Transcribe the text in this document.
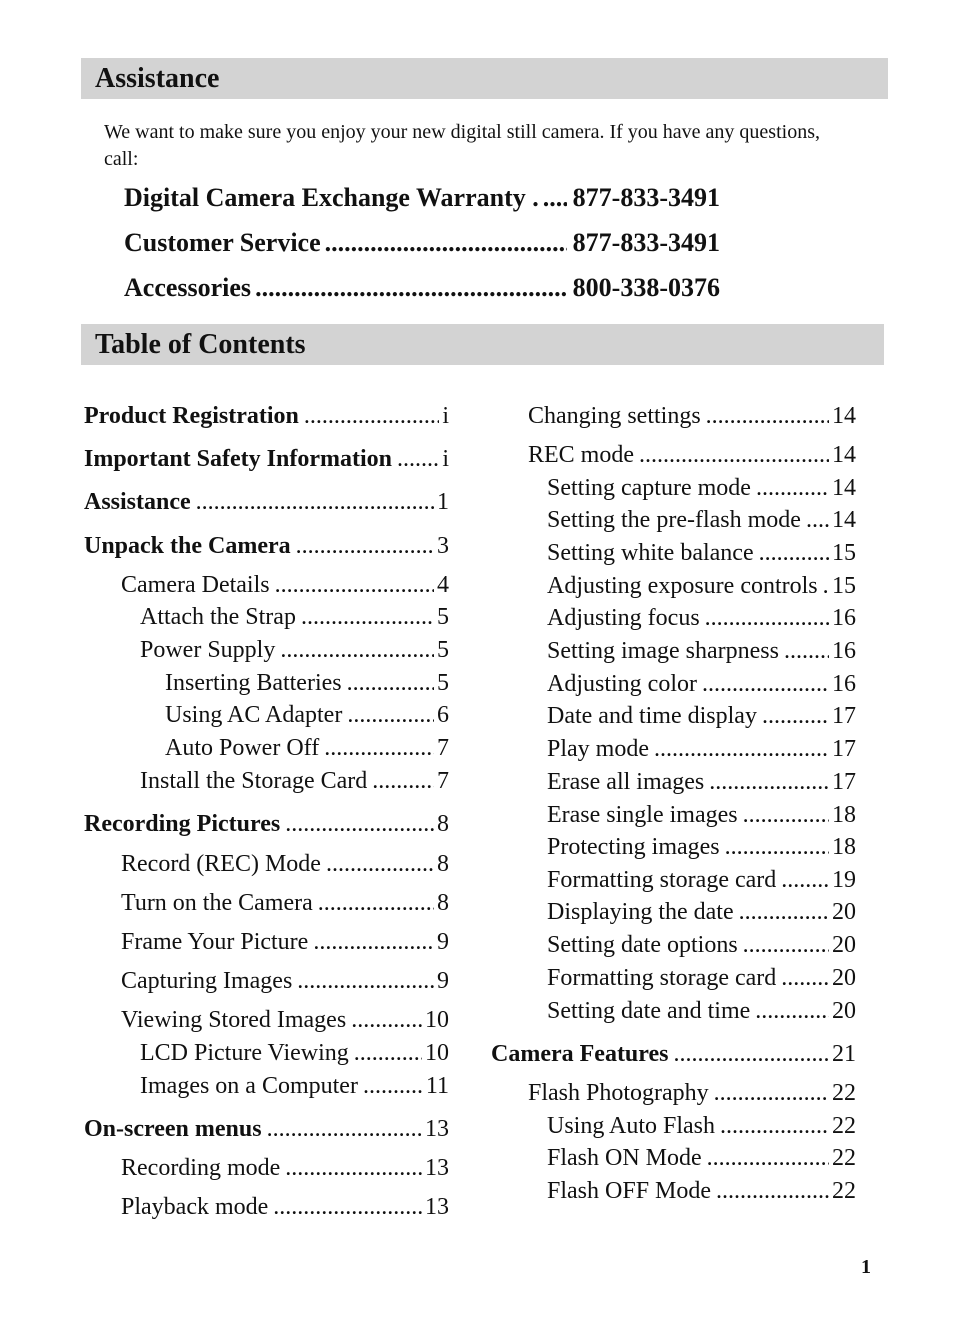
Assistance
We want to make sure you enjoy your new digital still camera. If you have any questions, call:
Digital Camera Exchange Warranty . ..... 877-833-3491
Customer Service .....	877-833-3491
Accessories .....	800-338-0376
Table of Contents
Product Registration .....	i
Important Safety Information ..... i
Assistance .....	1
Unpack the Camera .....	3
Camera Details .....	4
Attach the Strap .....	5
Power Supply .....	5
Inserting Batteries .....	5
Using AC Adapter .....	6
Auto Power Off .....	7
Install the Storage Card .....	7
Recording Pictures .....	8
Record (REC) Mode .....	8
Turn on the Camera .....	8
Frame Your Picture .....	9
Capturing Images .....	9
Viewing Stored Images .....	10
LCD Picture Viewing .....	10
Images on a Computer .....	11
On-screen menus .....	13
Recording mode .....	13
Playback mode .....	13
Changing settings .....	14
REC mode .....	14
Setting capture mode .....	14
Setting the pre-flash mode ..... 14
Setting white balance .....	15
Adjusting exposure controls ..... 15
Adjusting focus .....	16
Setting image sharpness ..... 16
Adjusting color .....	16
Date and time display .....	17
Play mode .....	17
Erase all images .....	17
Erase single images .....	18
Protecting images .....	18
Formatting storage card ..... 19
Displaying the date .....	20
Setting date options .....	20
Formatting storage card ..... 20
Setting date and time .....	20
Camera Features .....	21
Flash Photography .....	22
Using Auto Flash .....	22
Flash ON Mode .....	22
Flash OFF Mode .....	22
1
